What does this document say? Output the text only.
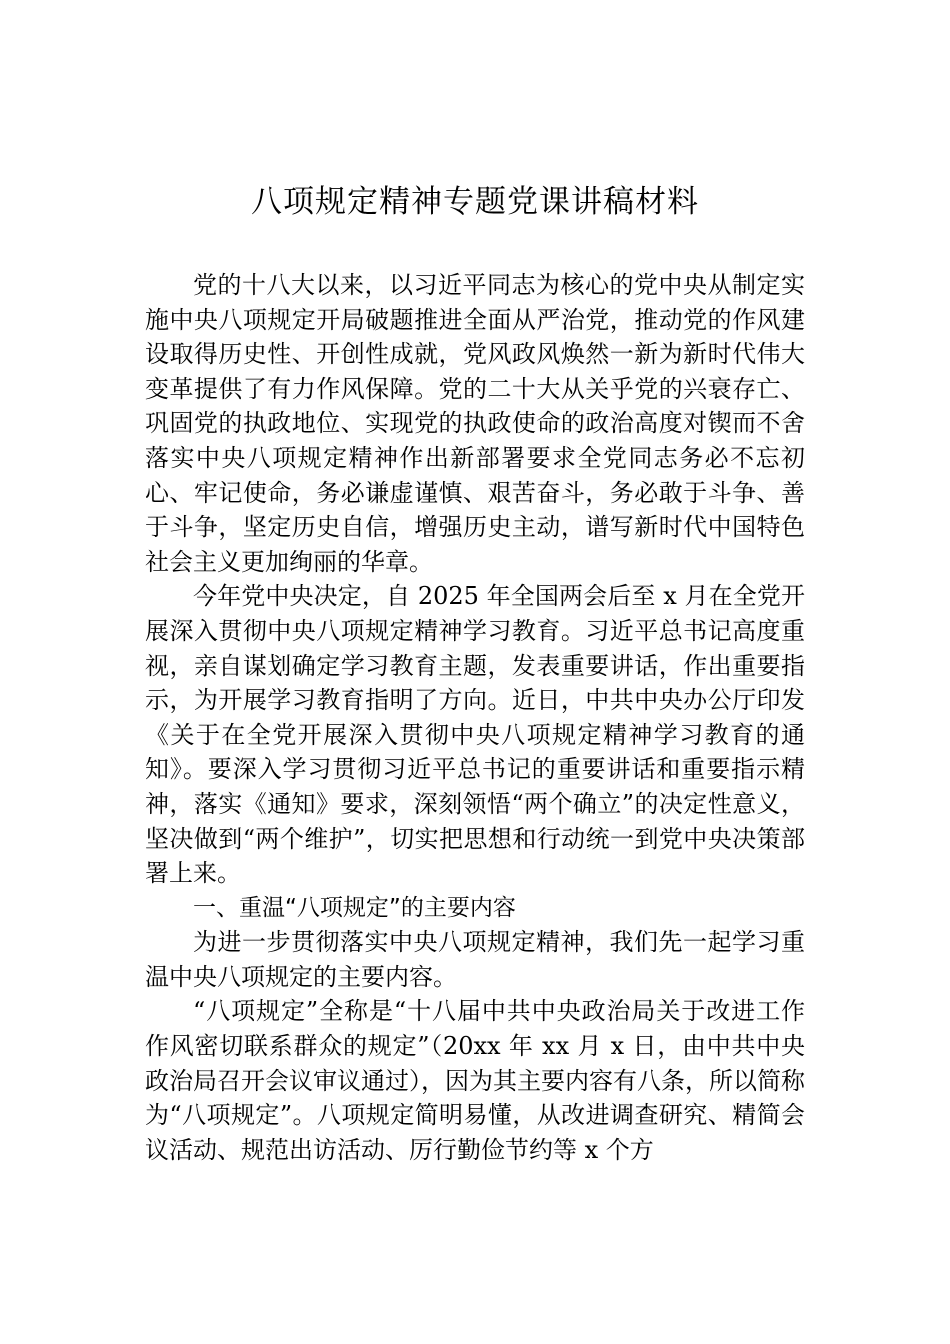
八项规定精神专题党课讲稿材料

党的十八大以来，以习近平同志为核心的党中央从制定实施中央八项规定开局破题推进全面从严治党，推动党的作风建设取得历史性、开创性成就，党风政风焕然一新为新时代伟大变革提供了有力作风保障。党的二十大从关乎党的兴衰存亡、巩固党的执政地位、实现党的执政使命的政治高度对锲而不舍落实中央八项规定精神作出新部署要求全党同志务必不忘初心、牢记使命，务必谦虚谨慎、艰苦奋斗，务必敢于斗争、善于斗争，坚定历史自信，增强历史主动，谱写新时代中国特色社会主义更加绚丽的华章。

今年党中央决定，自 2025 年全国两会后至 x 月在全党开展深入贯彻中央八项规定精神学习教育。习近平总书记高度重视，亲自谋划确定学习教育主题，发表重要讲话，作出重要指示，为开展学习教育指明了方向。近日，中共中央办公厅印发《关于在全党开展深入贯彻中央八项规定精神学习教育的通知》。要深入学习贯彻习近平总书记的重要讲话和重要指示精神，落实《通知》要求，深刻领悟“两个确立”的决定性意义，坚决做到“两个维护”，切实把思想和行动统一到党中央决策部署上来。

一、重温“八项规定”的主要内容

为进一步贯彻落实中央八项规定精神，我们先一起学习重温中央八项规定的主要内容。

“八项规定”全称是“十八届中共中央政治局关于改进工作作风密切联系群众的规定”（20xx 年 xx 月 x 日，由中共中央政治局召开会议审议通过），因为其主要内容有八条，所以简称为“八项规定”。八项规定简明易懂，从改进调查研究、精简会议活动、规范出访活动、厉行勤俭节约等 x 个方
